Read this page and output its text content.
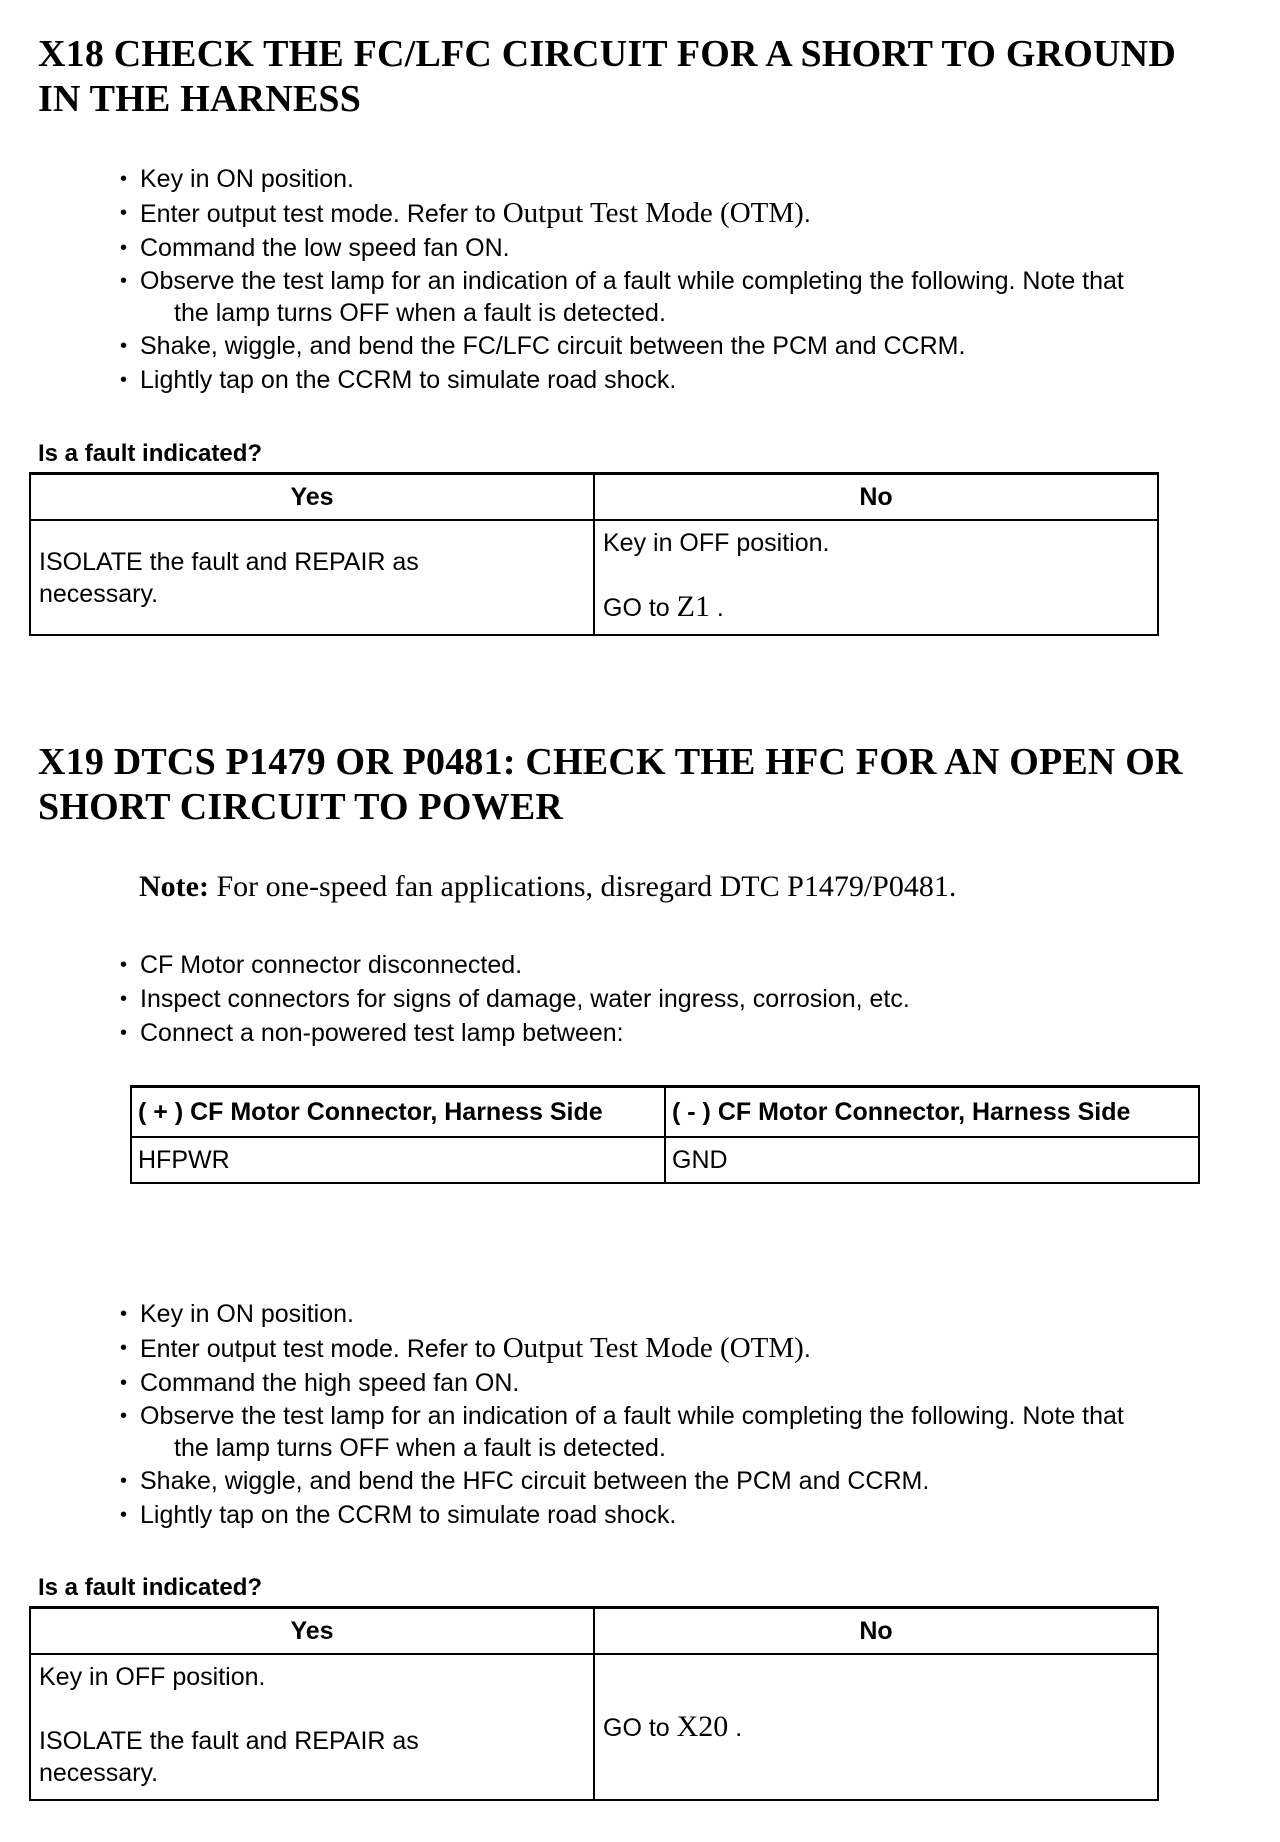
X18 CHECK THE FC/LFC CIRCUIT FOR A SHORT TO GROUND
IN THE HARNESS
• Key in ON position.
• Enter output test mode. Refer to Output Test Mode (OTM).
• Command the low speed fan ON.
• Observe the test lamp for an indication of a fault while completing the following. Note that
the lamp turns OFF when a fault is detected.
• Shake, wiggle, and bend the FC/LFC circuit between the PCM and CCRM.
• Lightly tap on the CCRM to simulate road shock.

Is a fault indicated?

Yes	No

ISOLATE the fault and REPAIR as necessary.	Key in OFF position.

GO to Z1 .

X19 DTCS P1479 OR P0481: CHECK THE HFC FOR AN OPEN OR
SHORT CIRCUIT TO POWER

Note: For one-speed fan applications, disregard DTC P1479/P0481.

• CF Motor connector disconnected.
• Inspect connectors for signs of damage, water ingress, corrosion, etc.
• Connect a non-powered test lamp between:
( + ) CF Motor Connector, Harness Side	( - ) CF Motor Connector, Harness Side
HFPWR	GND
• Key in ON position.
• Enter output test mode. Refer to Output Test Mode (OTM).
• Command the high speed fan ON.
• Observe the test lamp for an indication of a fault while completing the following. Note that
the lamp turns OFF when a fault is detected.
• Shake, wiggle, and bend the HFC circuit between the PCM and CCRM.
• Lightly tap on the CCRM to simulate road shock.

Is a fault indicated?

Yes	No

Key in OFF position.

ISOLATE the fault and REPAIR as necessary.	GO to X20 .
